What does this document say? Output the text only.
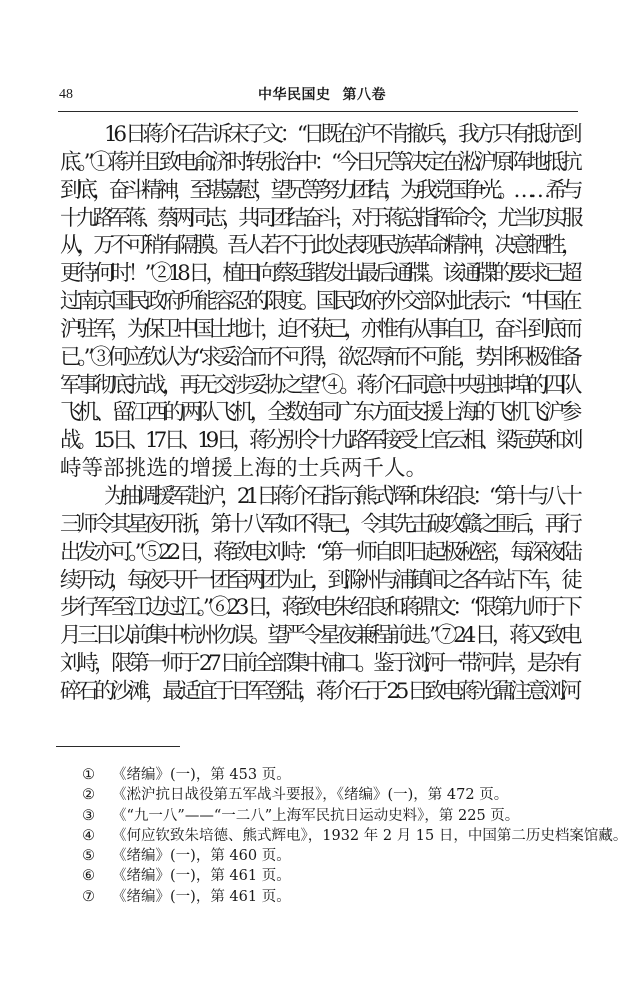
48	中华民国史 第八卷

16 日蒋介石告诉宋子文：“日既在沪不肯撤兵，我方只有抵抗到
底。”①蒋并且致电俞济时转张治中：“今日兄等决定在淞沪原阵地抵抗
到底，奋斗精神，至堪嘉慰，望兄等努力团结，为我党国争光。……希与
十九路军蒋、蔡两同志，共同团结奋斗，对于蒋总指挥命令，尤当切实服
从，万不可稍有隔膜。吾人若不于此处表现民族革命精神，决意牺牲，
更待何时！”②18 日，植田向蔡廷锴发出最后通牒。该通牒的要求已超
过南京国民政府所能容忍的限度。国民政府外交部对此表示：“中国在
沪驻军，为保卫中国土地计，迫不获已，亦惟有从事自卫，奋斗到底而
已。”③何应钦认为“求妥洽而不可得，欲忍辱而不可能，势非积极准备
军事彻底抗战，再无交涉妥协之望”④。蒋介石同意中央驻蚌埠的四队
飞机、留江西的两队飞机，全数连同广东方面支援上海的飞机飞沪参
战。15 日、17 日、19 日，蒋分别令十九路军接受上官云相、梁冠英和刘
峙等部挑选的增援上海的士兵两千人。

为抽调援军赴沪，21 日蒋介石指示熊式辉和朱绍良：“第十与八十
三师令其星夜开浙，第十八军如不得已，令其先击破攻赣之匪后，再行
出发亦可。”⑤22 日，蒋致电刘峙：“第一师自即日起极秘密，每深夜陆
续开动，每夜只开一团至两团为止，到滁州与浦镇间之各车站下车，徒
步行军至江边过江。”⑥23 日，蒋致电朱绍良和蒋鼎文：“限第九师于下
月三日以前集中杭州勿误。望严令星夜兼程前进。”⑦24 日，蒋又致电
刘峙，限第一师于 27 日前全部集中浦口。鉴于浏河一带河岸，是杂有
碎石的沙滩，最适宜于日军登陆，蒋介石于 25 日致电蒋光鼐注意浏河

①	《绪编》(一)，第 453 页。
②	《淞沪抗日战役第五军战斗要报》，《绪编》(一)，第 472 页。
③	《“九一八”——“一二八”上海军民抗日运动史料》，第 225 页。
④	《何应钦致朱培德、熊式辉电》，1932 年 2 月 15 日，中国第二历史档案馆藏。
⑤	《绪编》(一)，第 460 页。
⑥	《绪编》(一)，第 461 页。
⑦	《绪编》(一)，第 461 页。
